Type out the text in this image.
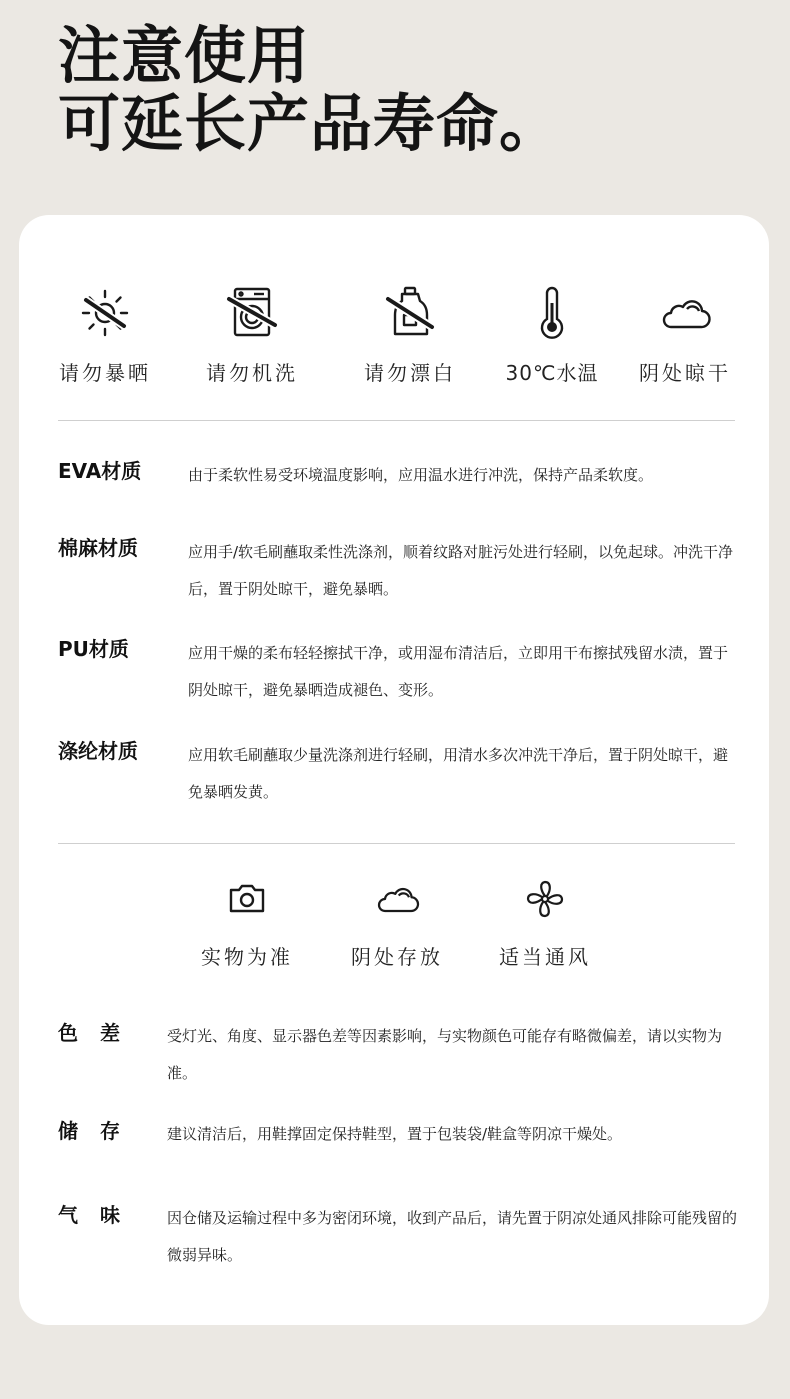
注意使用
可延长产品寿命。
请勿暴晒	请勿机洗	请勿漂白	30℃水温	阴处晾干
EVA材质	由于柔软性易受环境温度影响，应用温水进行冲洗，保持产品柔软度。
棉麻材质	应用手/软毛刷蘸取柔性洗涤剂，顺着纹路对脏污处进行轻刷，以免起球。冲洗干净后，置于阴处晾干，避免暴晒。
PU材质	应用干燥的柔布轻轻擦拭干净，或用湿布清洁后，立即用干布擦拭残留水渍，置于阴处晾干，避免暴晒造成褪色、变形。
涤纶材质	应用软毛刷蘸取少量洗涤剂进行轻刷，用清水多次冲洗干净后，置于阴处晾干，避免暴晒发黄。
实物为准	阴处存放	适当通风
色差 受灯光、角度、显示器色差等因素影响，与实物颜色可能存有略微偏差，请以实物为准。
储存 建议清洁后，用鞋撑固定保持鞋型，置于包装袋/鞋盒等阴凉干燥处。
气味 因仓储及运输过程中多为密闭环境，收到产品后，请先置于阴凉处通风排除可能残留的微弱异味。
